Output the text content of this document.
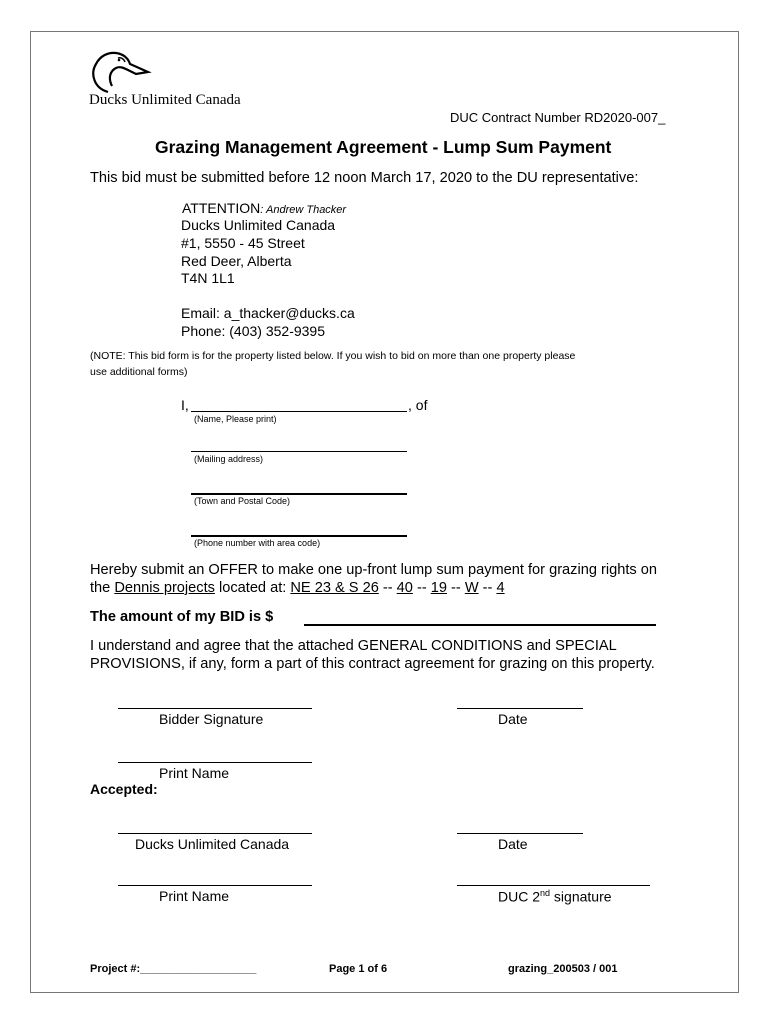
Ducks Unlimited Canada
DUC Contract Number RD2020-007_
Grazing Management Agreement - Lump Sum Payment
This bid must be submitted before 12 noon March 17, 2020 to the DU representative:
ATTENTION: Andrew Thacker
Ducks Unlimited Canada
#1, 5550 - 45 Street
Red Deer, Alberta
T4N 1L1
Email: a_thacker@ducks.ca
Phone: (403) 352-9395
(NOTE: This bid form is for the property listed below. If you wish to bid on more than one property please
use additional forms)
I,	, of
(Name, Please print)
(Mailing address)
(Town and Postal Code)
(Phone number with area code)
Hereby submit an OFFER to make one up-front lump sum payment for grazing rights on
the Dennis projects located at: NE 23 & S 26 -- 40 -- 19 -- W -- 4
The amount of my BID is $
I understand and agree that the attached GENERAL CONDITIONS and SPECIAL
PROVISIONS, if any, form a part of this contract agreement for grazing on this property.
Bidder Signature	Date
Print Name
Accepted:
Ducks Unlimited Canada	Date
Print Name	DUC 2nd signature
Project #:___________________	Page 1 of 6	grazing_200503 / 001
